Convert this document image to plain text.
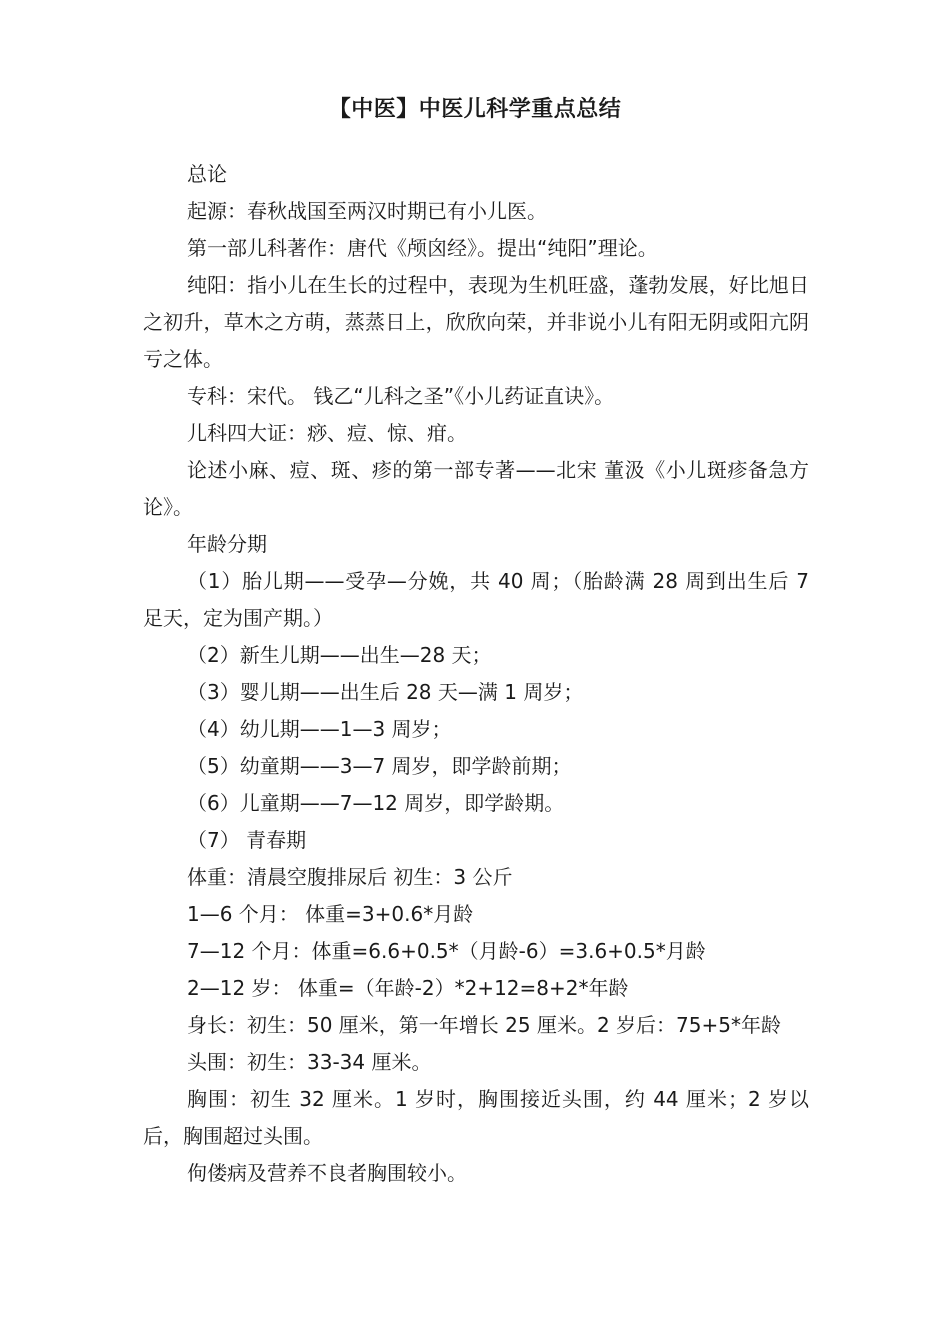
【中医】中医儿科学重点总结

总论

起源：春秋战国至两汉时期已有小儿医。

第一部儿科著作：唐代《颅囟经》。提出“纯阳”理论。

纯阳：指小儿在生长的过程中，表现为生机旺盛，蓬勃发展，好比旭日之初升，草木之方萌，蒸蒸日上，欣欣向荣，并非说小儿有阳无阴或阳亢阴亏之体。

专科：宋代。 钱乙“儿科之圣”《小儿药证直诀》。

儿科四大证：痧、痘、惊、疳。

论述小麻、痘、斑、疹的第一部专著——北宋 董汲《小儿斑疹备急方论》。

年龄分期

（1）胎儿期——受孕—分娩，共 40 周；（胎龄满 28 周到出生后 7 足天，定为围产期。）

（2）新生儿期——出生—28 天；

（3）婴儿期——出生后 28 天—满 1 周岁；

（4）幼儿期——1—3 周岁；

（5）幼童期——3—7 周岁，即学龄前期；

（6）儿童期——7—12 周岁，即学龄期。

（7） 青春期

体重：清晨空腹排尿后 初生：3 公斤

1—6 个月： 体重=3+0.6*月龄

7—12 个月：体重=6.6+0.5*（月龄-6）=3.6+0.5*月龄

2—12 岁： 体重=（年龄-2）*2+12=8+2*年龄

身长：初生：50 厘米，第一年增长 25 厘米。2 岁后：75+5*年龄

头围：初生：33-34 厘米。

胸围：初生 32 厘米。1 岁时，胸围接近头围，约 44 厘米；2 岁以后，胸围超过头围。

佝偻病及营养不良者胸围较小。
